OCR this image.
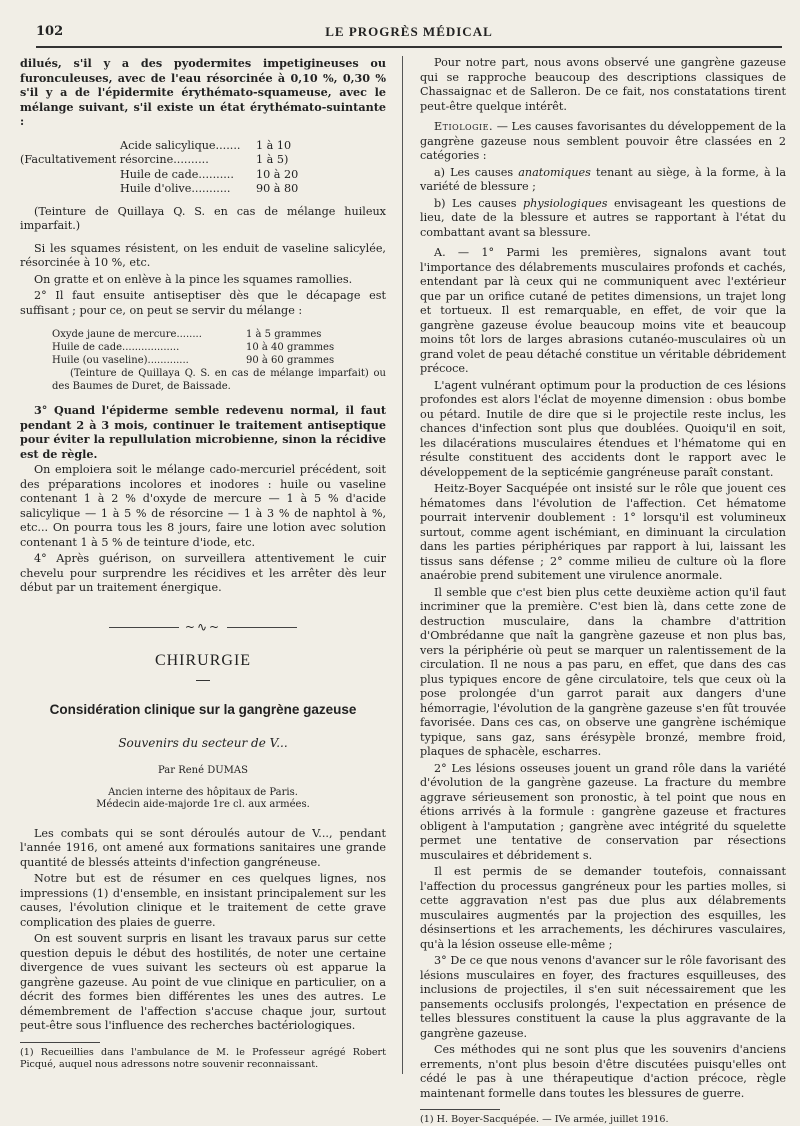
102	LE PROGRÈS MÉDICAL

dilués, s'il y a des pyodermites impetigineuses ou furonculeuses, avec de l'eau résorcinée à 0,10 %, 0,30 % s'il y a de l'épidermite érythémato-squameuse, avec le mélange suivant, s'il existe un état érythémato-suintante :

Acide salicylique.......	1 à 10
(Facultativement résorcine..........	1 à 5)
Huile de cade..........	10 à 20
Huile d'olive...........	90 à 80

(Teinture de Quillaya Q. S. en cas de mélange huileux imparfait.)

Si les squames résistent, on les enduit de vaseline salicylée, résorcinée à 10 %, etc.

On gratte et on enlève à la pince les squames ramollies.

2° Il faut ensuite antiseptiser dès que le décapage est suffisant ; pour ce, on peut se servir du mélange :

Oxyde jaune de mercure........	1 à 5 grammes
Huile de cade..................	10 à 40 grammes
Huile (ou vaseline).............	90 à 60 grammes
(Teinture de Quillaya Q. S. en cas de mélange imparfait) ou des Baumes de Duret, de Baissade.

3° Quand l'épiderme semble redevenu normal, il faut pendant 2 à 3 mois, continuer le traitement antiseptique pour éviter la repullulation microbienne, sinon la récidive est de règle.

On emploiera soit le mélange cado-mercuriel précédent, soit des préparations incolores et inodores : huile ou vaseline contenant 1 à 2 % d'oxyde de mercure — 1 à 5 % d'acide salicylique — 1 à 5 % de résorcine — 1 à 3 % de naphtol à %, etc... On pourra tous les 8 jours, faire une lotion avec solution contenant 1 à 5 % de teinture d'iode, etc.

4° Après guérison, on surveillera attentivement le cuir chevelu pour surprendre les récidives et les arrêter dès leur début par un traitement énergique.

~∿~
CHIRURGIE
Considération clinique sur la gangrène gazeuse
Souvenirs du secteur de V...
Par René DUMAS
Ancien interne des hôpitaux de Paris.
Médecin aide-majorde 1re cl. aux armées.

Les combats qui se sont déroulés autour de V..., pendant l'année 1916, ont amené aux formations sanitaires une grande quantité de blessés atteints d'infection gangréneuse.

Notre but est de résumer en ces quelques lignes, nos impressions (1) d'ensemble, en insistant principalement sur les causes, l'évolution clinique et le traitement de cette grave complication des plaies de guerre.

On est souvent surpris en lisant les travaux parus sur cette question depuis le début des hostilités, de noter une certaine divergence de vues suivant les secteurs où est apparue la gangrène gazeuse. Au point de vue clinique en particulier, on a décrit des formes bien différentes les unes des autres. Le démembrement de l'affection s'accuse chaque jour, surtout peut-être sous l'influence des recherches bactériologiques.

(1) Recueillies dans l'ambulance de M. le Professeur agrégé Robert Picqué, auquel nous adressons notre souvenir reconnaissant.

Pour notre part, nous avons observé une gangrène gazeuse qui se rapproche beaucoup des descriptions classiques de Chassaignac et de Salleron. De ce fait, nos constatations tirent peut-être quelque intérêt.

Etiologie. — Les causes favorisantes du développement de la gangrène gazeuse nous semblent pouvoir être classées en 2 catégories :

a) Les causes anatomiques tenant au siège, à la forme, à la variété de blessure ;

b) Les causes physiologiques envisageant les questions de lieu, date de la blessure et autres se rapportant à l'état du combattant avant sa blessure.

A. — 1° Parmi les premières, signalons avant tout l'importance des délabrements musculaires profonds et cachés, entendant par là ceux qui ne communiquent avec l'extérieur que par un orifice cutané de petites dimensions, un trajet long et tortueux. Il est remarquable, en effet, de voir que la gangrène gazeuse évolue beaucoup moins vite et beaucoup moins tôt lors de larges abrasions cutanéo-musculaires où un grand volet de peau détaché constitue un véritable débridement précoce.

L'agent vulnérant optimum pour la production de ces lésions profondes est alors l'éclat de moyenne dimension : obus bombe ou pétard. Inutile de dire que si le projectile reste inclus, les chances d'infection sont plus que doublées. Quoiqu'il en soit, les dilacérations musculaires étendues et l'hématome qui en résulte constituent des accidents dont le rapport avec le développement de la septicémie gangréneuse paraît constant.

Heitz-Boyer Sacquépée ont insisté sur le rôle que jouent ces hématomes dans l'évolution de l'affection. Cet hématome pourrait intervenir doublement : 1° lorsqu'il est volumineux surtout, comme agent ischémiant, en diminuant la circulation dans les parties périphériques par rapport à lui, laissant les tissus sans défense ; 2° comme milieu de culture où la flore anaérobie prend subitement une virulence anormale.

Il semble que c'est bien plus cette deuxième action qu'il faut incriminer que la première. C'est bien là, dans cette zone de destruction musculaire, dans la chambre d'attrition d'Ombrédanne que naît la gangrène gazeuse et non plus bas, vers la périphérie où peut se marquer un ralentissement de la circulation. Il ne nous a pas paru, en effet, que dans des cas plus typiques encore de gêne circulatoire, tels que ceux où la pose prolongée d'un garrot parait aux dangers d'une hémorragie, l'évolution de la gangrène gazeuse s'en fût trouvée favorisée. Dans ces cas, on observe une gangrène ischémique typique, sans gaz, sans érésypèle bronzé, membre froid, plaques de sphacèle, escharres.

2° Les lésions osseuses jouent un grand rôle dans la variété d'évolution de la gangrène gazeuse. La fracture du membre aggrave sérieusement son pronostic, à tel point que nous en étions arrivés à la formule : gangrène gazeuse et fractures obligent à l'amputation ; gangrène avec intégrité du squelette permet une tentative de conservation par résections musculaires et débridement s.

Il est permis de se demander toutefois, connaissant l'affection du processus gangréneux pour les parties molles, si cette aggravation n'est pas due plus aux délabrements musculaires augmentés par la projection des esquilles, les désinsertions et les arrachements, les déchirures vasculaires, qu'à la lésion osseuse elle-même ;

3° De ce que nous venons d'avancer sur le rôle favorisant des lésions musculaires en foyer, des fractures esquilleuses, des inclusions de projectiles, il s'en suit nécessairement que les pansements occlusifs prolongés, l'expectation en présence de telles blessures constituent la cause la plus aggravante de la gangrène gazeuse.

Ces méthodes qui ne sont plus que les souvenirs d'anciens errements, n'ont plus besoin d'être discutées puisqu'elles ont cédé le pas à une thérapeutique d'action précoce, règle maintenant formelle dans toutes les blessures de guerre.

(1) H. Boyer-Sacquépée. — IVe armée, juillet 1916.
